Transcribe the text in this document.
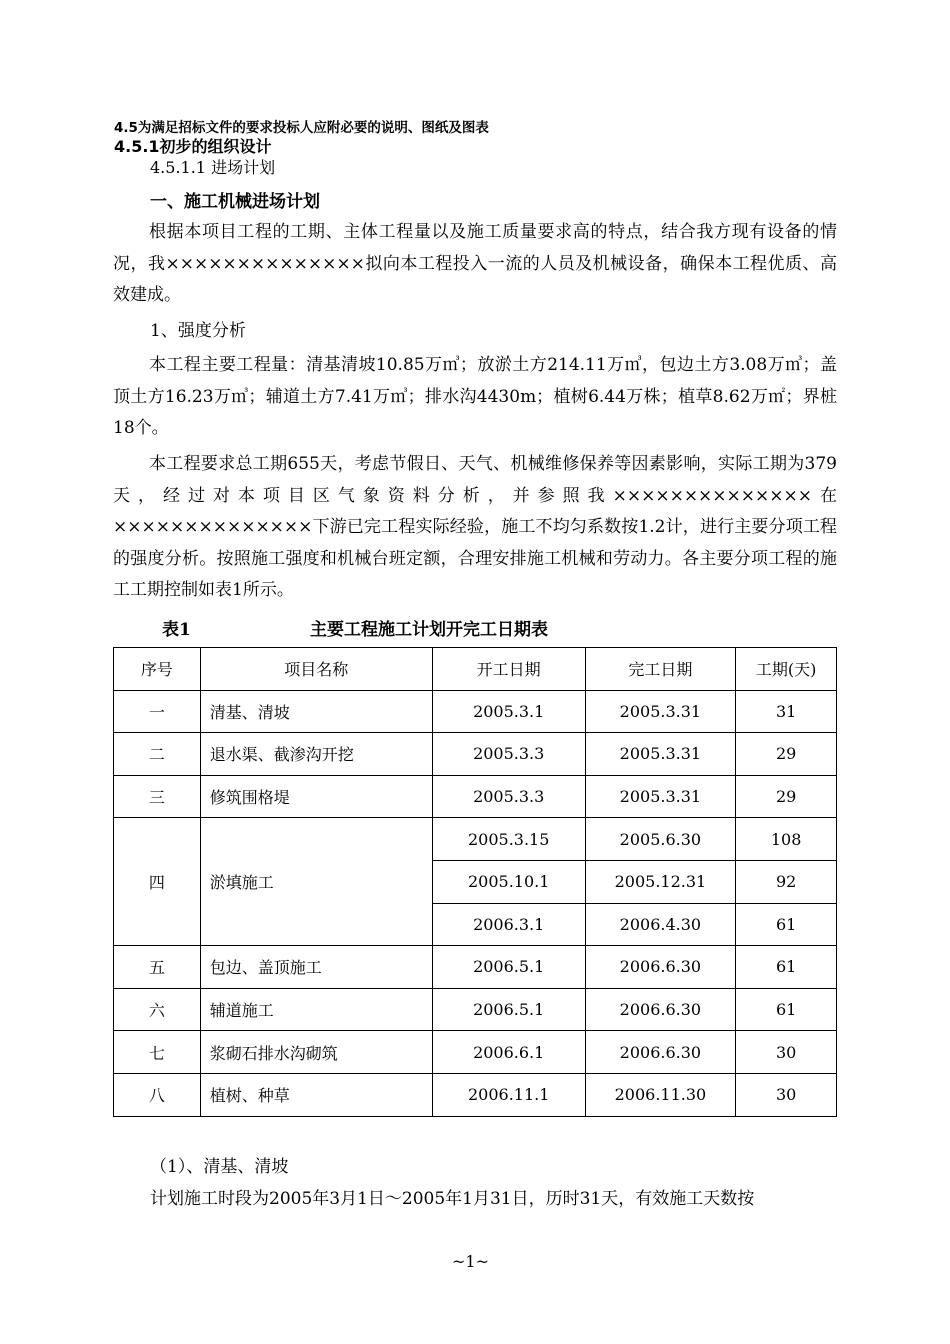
4.5为满足招标文件的要求投标人应附必要的说明、图纸及图表
4.5.1初步的组织设计
4.5.1.1 进场计划
一、施工机械进场计划
根据本项目工程的工期、主体工程量以及施工质量要求高的特点，结合我方现有设备的情况，我××××××××××××××拟向本工程投入一流的人员及机械设备，确保本工程优质、高效建成。
1、强度分析
本工程主要工程量：清基清坡10.85万㎥；放淤土方214.11万㎥，包边土方3.08万㎥；盖顶土方16.23万㎥；辅道土方7.41万㎥；排水沟4430m；植树6.44万株；植草8.62万㎡；界桩18个。
本工程要求总工期655天，考虑节假日、天气、机械维修保养等因素影响，实际工期为379天，经过对本项目区气象资料分析，并参照我××××××××××××××在××××××××××××××下游已完工程实际经验，施工不均匀系数按1.2计，进行主要分项工程的强度分析。按照施工强度和机械台班定额，合理安排施工机械和劳动力。各主要分项工程的施工工期控制如表1所示。
表1	主要工程施工计划开完工日期表
序号	项目名称	开工日期	完工日期	工期(天)
一	清基、清坡	2005.3.1	2005.3.31	31
二	退水渠、截渗沟开挖	2005.3.3	2005.3.31	29
三	修筑围格堤	2005.3.3	2005.3.31	29
四	淤填施工	2005.3.15	2005.6.30	108
		2005.10.1	2005.12.31	92
		2006.3.1	2006.4.30	61
五	包边、盖顶施工	2006.5.1	2006.6.30	61
六	辅道施工	2006.5.1	2006.6.30	61
七	浆砌石排水沟砌筑	2006.6.1	2006.6.30	30
八	植树、种草	2006.11.1	2006.11.30	30
（1）、清基、清坡
计划施工时段为2005年3月1日～2005年1月31日，历时31天，有效施工天数按
~1~
